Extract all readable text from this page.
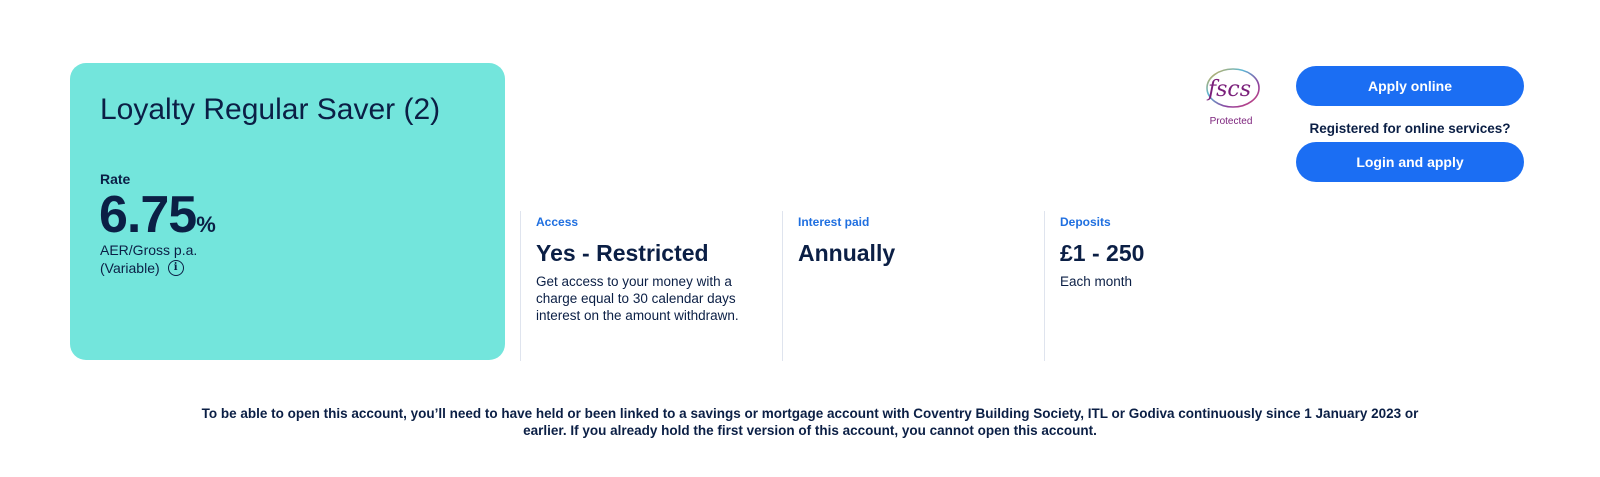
Loyalty Regular Saver (2)
Rate
6.75%
AER/Gross p.a.
(Variable)	i
Access
Yes - Restricted
Get access to your money with a charge equal to 30 calendar days interest on the amount withdrawn.
Interest paid
Annually
Deposits
£1 - 250
Each month
fscs
Protected
Apply online
Registered for online services?
Login and apply
To be able to open this account, you’ll need to have held or been linked to a savings or mortgage account with Coventry Building Society, ITL or Godiva continuously since 1 January 2023 or earlier. If you already hold the first version of this account, you cannot open this account.
